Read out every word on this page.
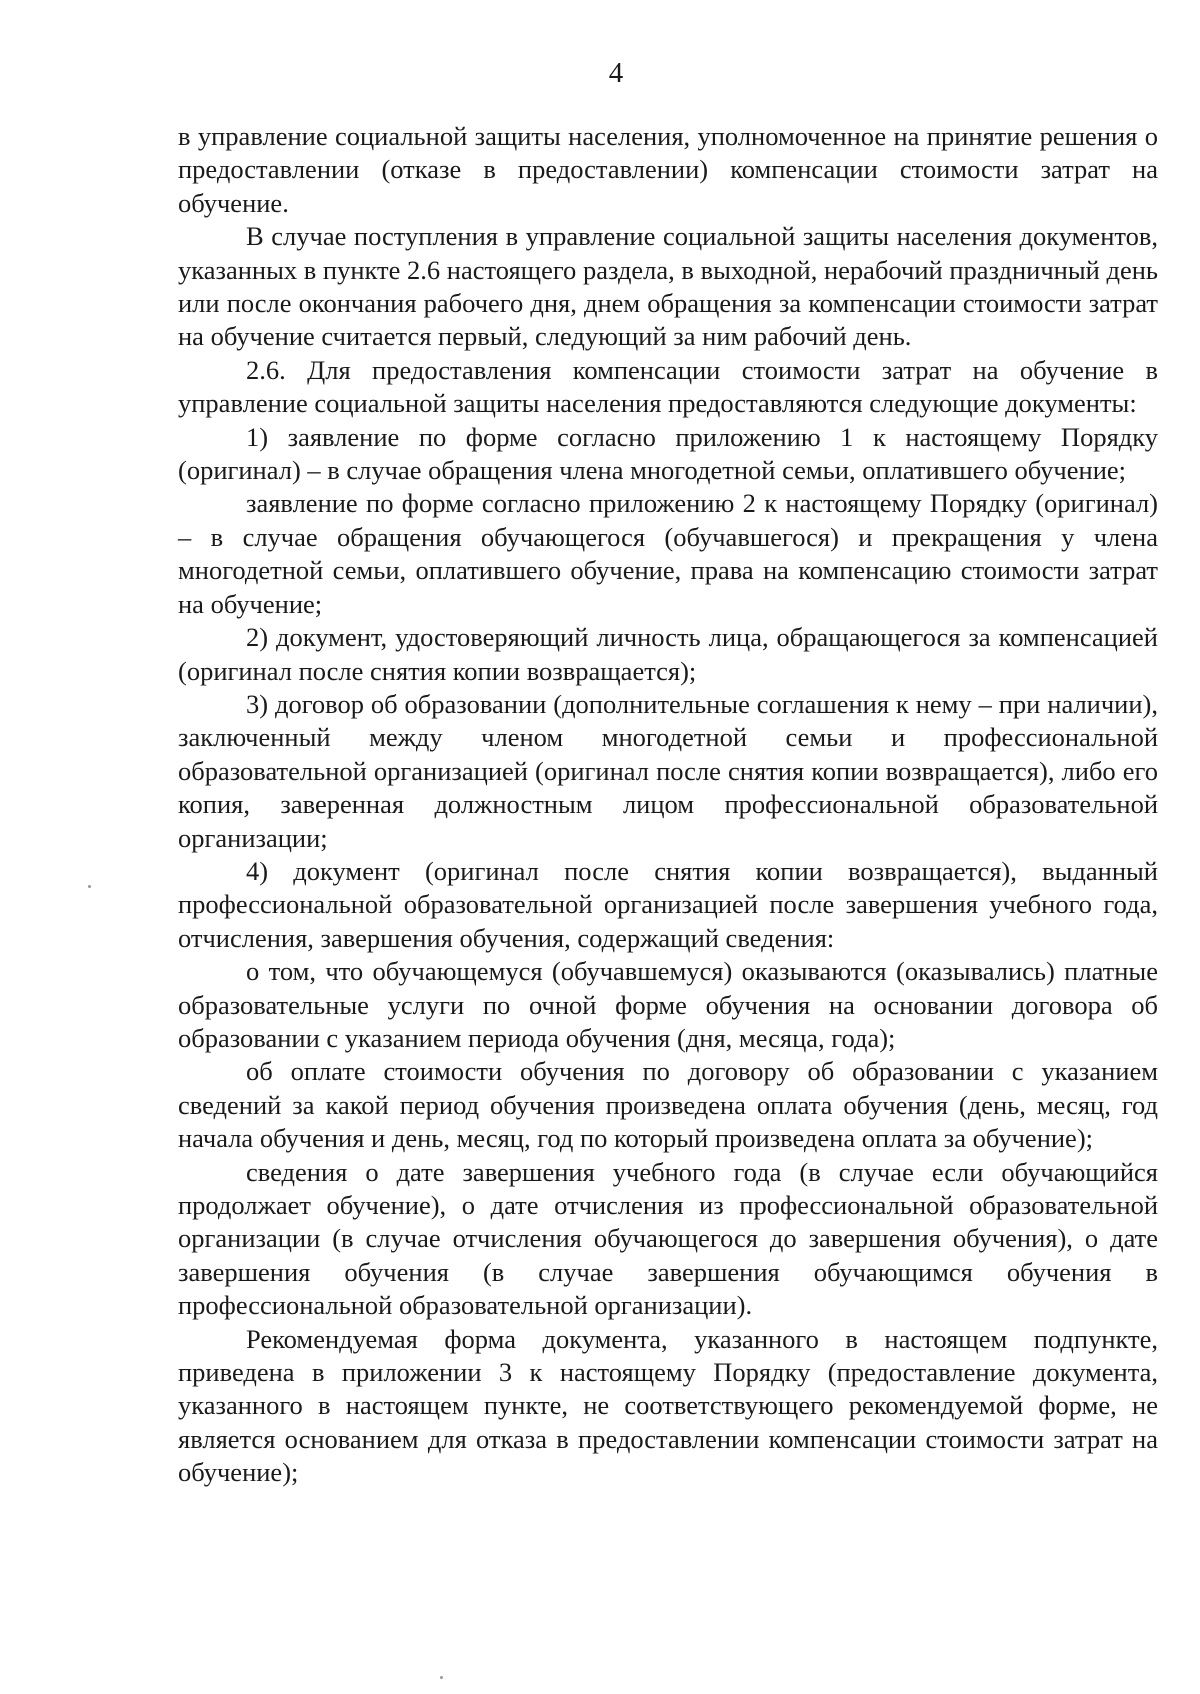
4

в управление социальной защиты населения, уполномоченное на принятие решения о предоставлении (отказе в предоставлении) компенсации стоимости затрат на обучение.

В случае поступления в управление социальной защиты населения документов, указанных в пункте 2.6 настоящего раздела, в выходной, нерабочий праздничный день или после окончания рабочего дня, днем обращения за компенсации стоимости затрат на обучение считается первый, следующий за ним рабочий день.

2.6. Для предоставления компенсации стоимости затрат на обучение в управление социальной защиты населения предоставляются следующие документы:

1) заявление по форме согласно приложению 1 к настоящему Порядку (оригинал) – в случае обращения члена многодетной семьи, оплатившего обучение;

заявление по форме согласно приложению 2 к настоящему Порядку (оригинал) – в случае обращения обучающегося (обучавшегося) и прекращения у члена многодетной семьи, оплатившего обучение, права на компенсацию стоимости затрат на обучение;

2) документ, удостоверяющий личность лица, обращающегося за компенсацией (оригинал после снятия копии возвращается);

3) договор об образовании (дополнительные соглашения к нему – при наличии), заключенный между членом многодетной семьи и профессиональной образовательной организацией (оригинал после снятия копии возвращается), либо его копия, заверенная должностным лицом профессиональной образовательной организации;

4) документ (оригинал после снятия копии возвращается), выданный профессиональной образовательной организацией после завершения учебного года, отчисления, завершения обучения, содержащий сведения:

о том, что обучающемуся (обучавшемуся) оказываются (оказывались) платные образовательные услуги по очной форме обучения на основании договора об образовании с указанием периода обучения (дня, месяца, года);

об оплате стоимости обучения по договору об образовании с указанием сведений за какой период обучения произведена оплата обучения (день, месяц, год начала обучения и день, месяц, год по который произведена оплата за обучение);

сведения о дате завершения учебного года (в случае если обучающийся продолжает обучение), о дате отчисления из профессиональной образовательной организации (в случае отчисления обучающегося до завершения обучения), о дате завершения обучения (в случае завершения обучающимся обучения в профессиональной образовательной организации).

Рекомендуемая форма документа, указанного в настоящем подпункте, приведена в приложении 3 к настоящему Порядку (предоставление документа, указанного в настоящем пункте, не соответствующего рекомендуемой форме, не является основанием для отказа в предоставлении компенсации стоимости затрат на обучение);
